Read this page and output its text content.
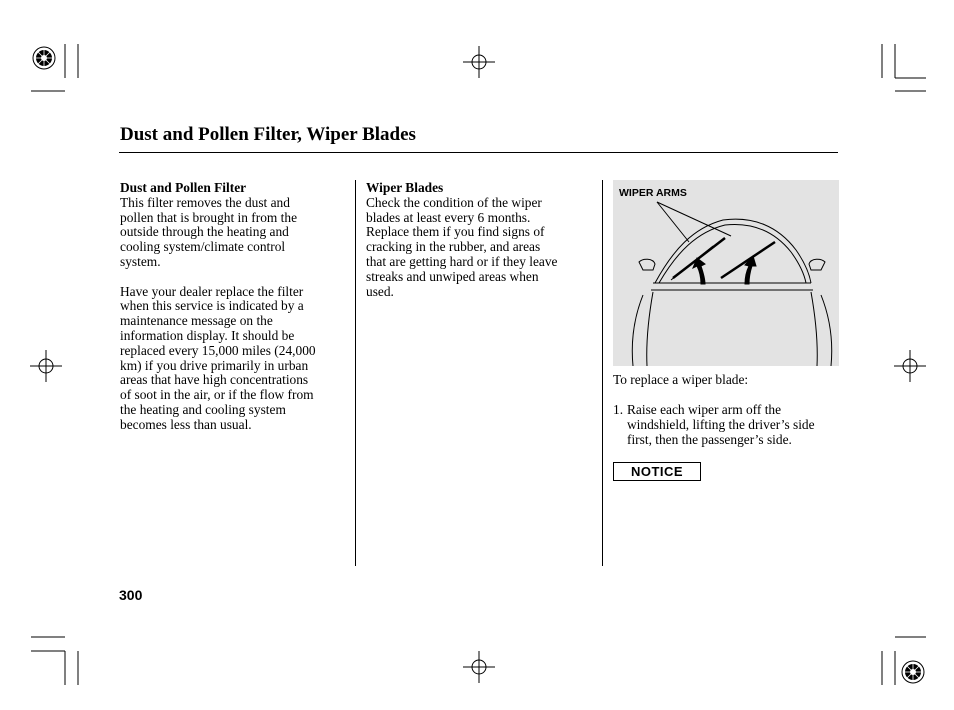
Dust and Pollen Filter, Wiper Blades
Dust and Pollen Filter

This filter removes the dust and
pollen that is brought in from the
outside through the heating and
cooling system/climate control
system.

Have your dealer replace the filter
when this service is indicated by a
maintenance message on the
information display. It should be
replaced every 15,000 miles (24,000
km) if you drive primarily in urban
areas that have high concentrations
of soot in the air, or if the flow from
the heating and cooling system
becomes less than usual.

Wiper Blades

Check the condition of the wiper
blades at least every 6 months.
Replace them if you find signs of
cracking in the rubber, and areas
that are getting hard or if they leave
streaks and unwiped areas when
used.

WIPER ARMS
To replace a wiper blade:
1. Raise each wiper arm off the
windshield, lifting the driver’s side
first, then the passenger’s side.
NOTICE
300
